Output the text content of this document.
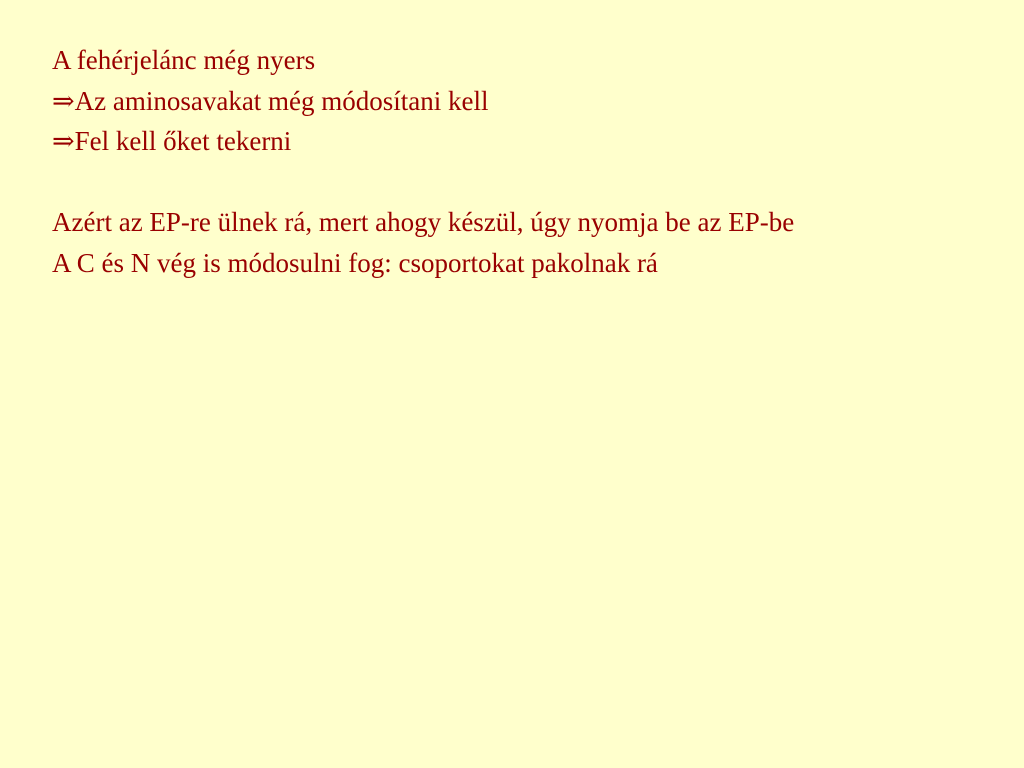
A fehérjelánc még nyers
⇒Az aminosavakat még módosítani kell
⇒Fel kell őket tekerni
Azért az EP-re ülnek rá, mert ahogy készül, úgy nyomja be az EP-be
A C és N vég is módosulni fog: csoportokat pakolnak rá
